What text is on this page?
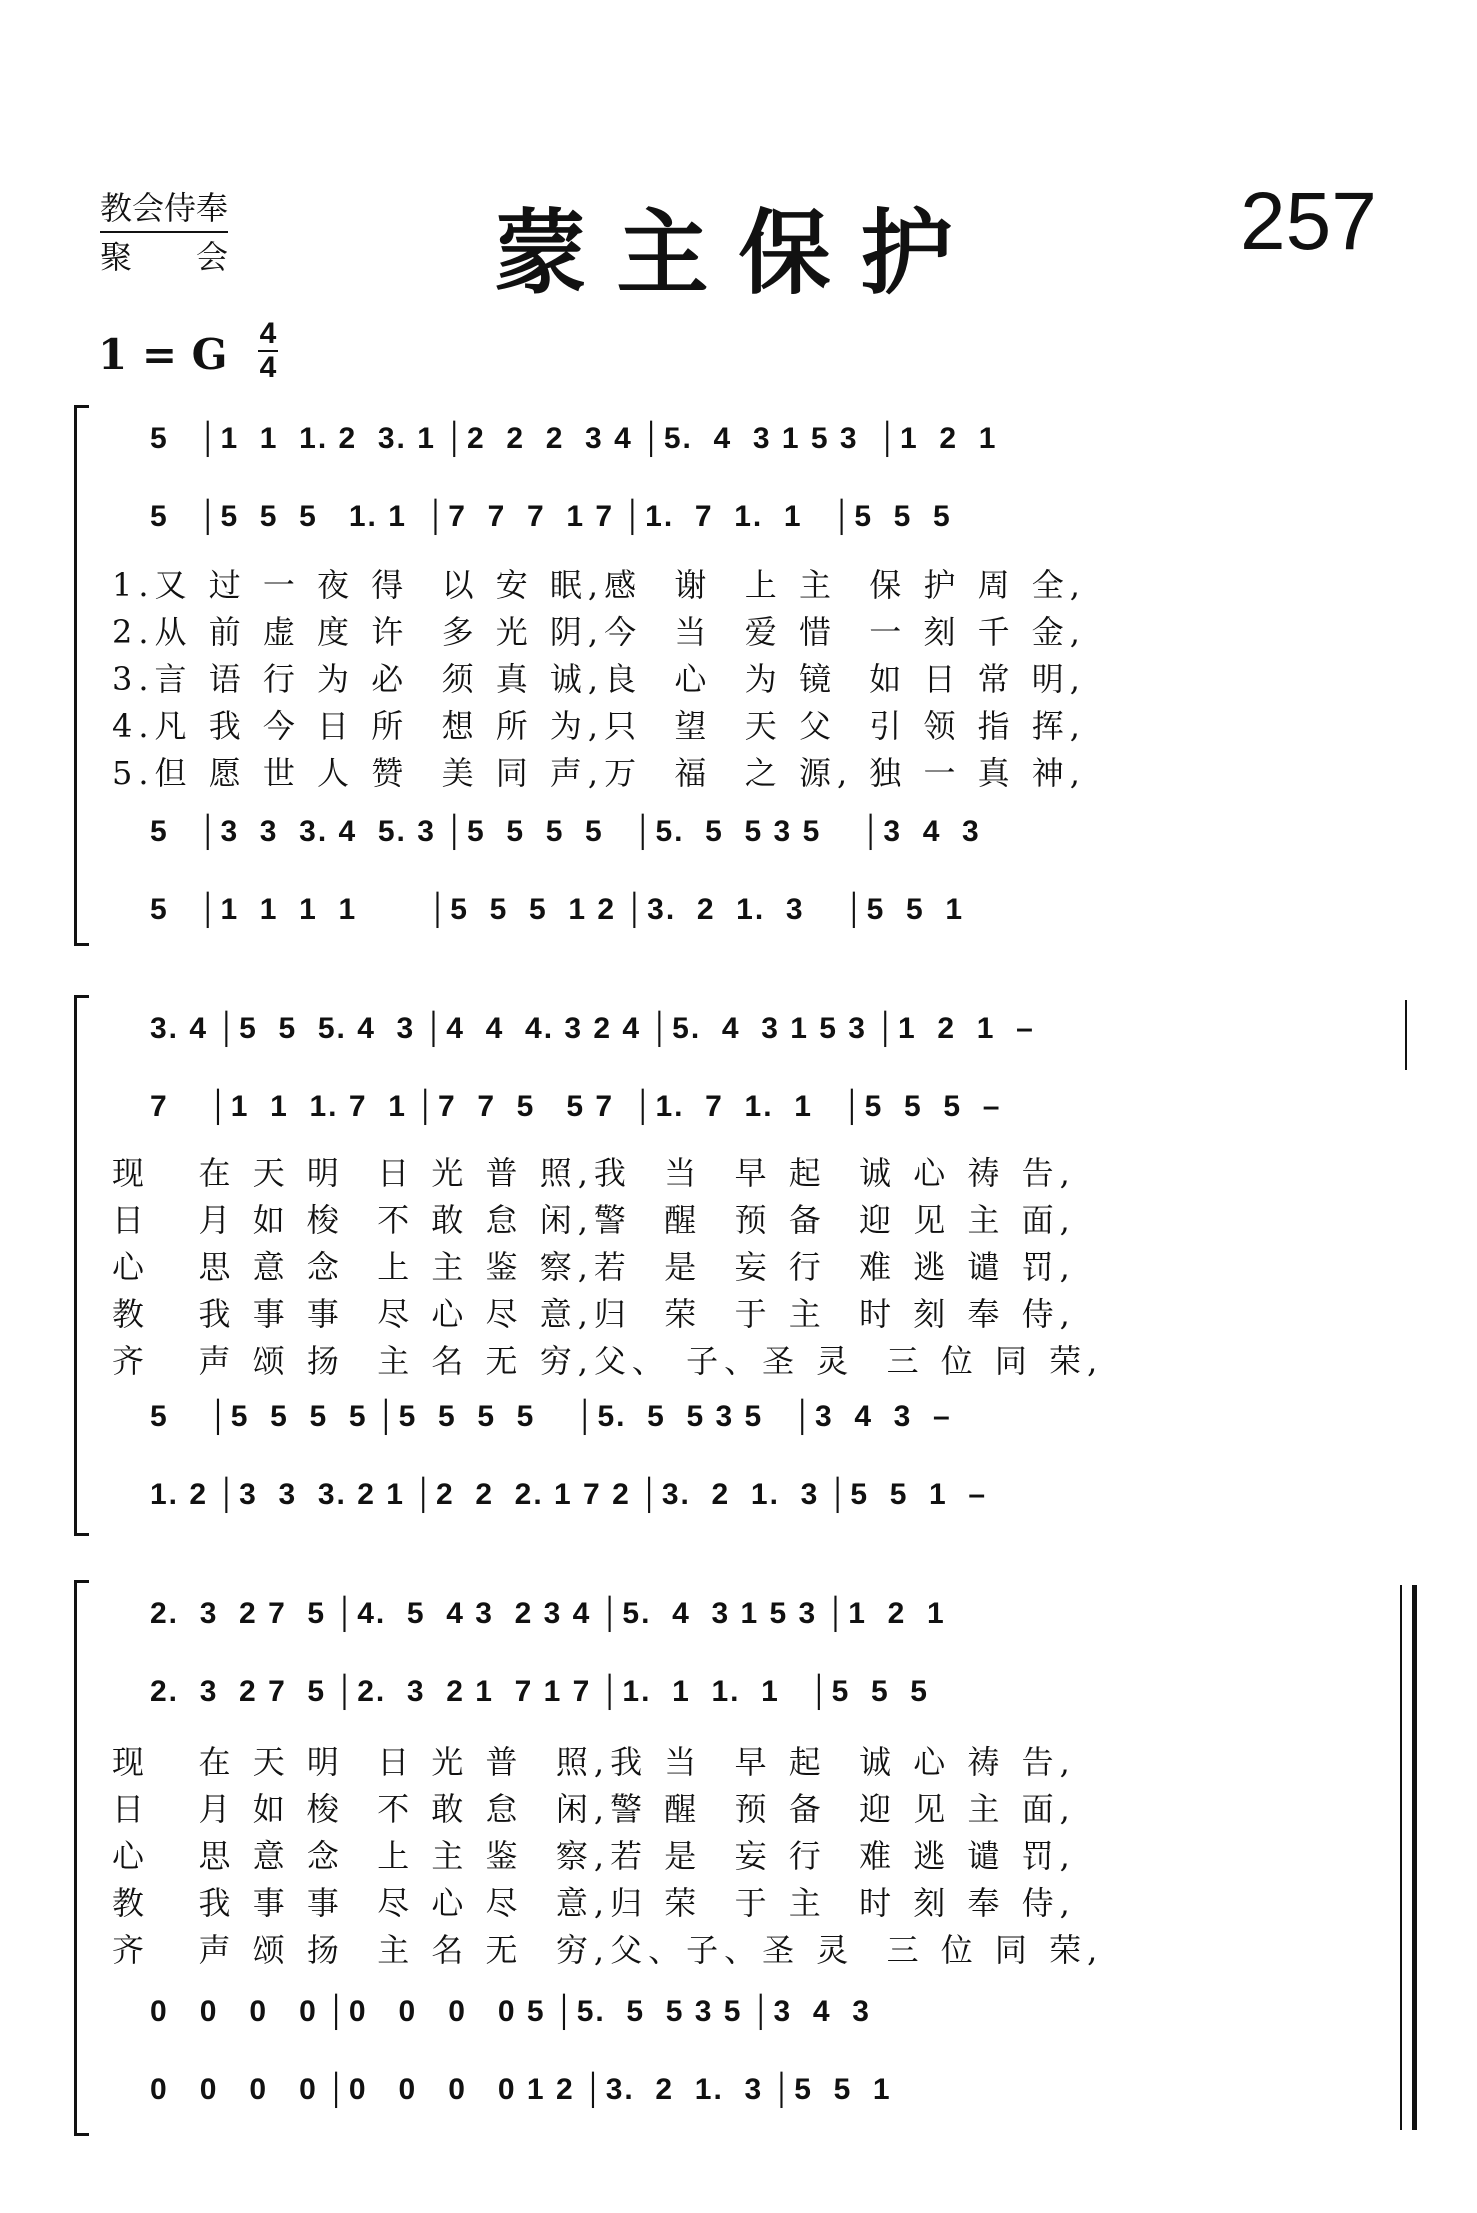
教会侍奉
聚　　会	蒙主保护	257
1 = G 4
4
5   │1  1  1. 2  3. 1 │2  2  2  3 4 │5.  4  3 1 5 3  │1  2  1
5   │5  5  5   1. 1  │7  7  7  1 7 │1.  7  1.  1   │5  5  5
1.又 过 一 夜 得  以 安 眠,感  谢  上 主  保 护 周 全,
2.从 前 虚 度 许  多 光 阴,今  当  爱 惜  一 刻 千 金,
3.言 语 行 为 必  须 真 诚,良  心  为 镜  如 日 常 明,
4.凡 我 今 日 所  想 所 为,只  望  天 父  引 领 指 挥,
5.但 愿 世 人 赞  美 同 声,万  福  之 源, 独 一 真 神,
5   │3  3  3. 4  5. 3 │5  5  5  5   │5.  5  5 3 5    │3  4  3
5   │1  1  1  1       │5  5  5  1 2 │3.  2  1.  3    │5  5  1
3. 4 │5  5  5. 4  3 │4  4  4. 3 2 4 │5.  4  3 1 5 3 │1  2  1  –
7    │1  1  1. 7  1 │7  7  5   5 7  │1.  7  1.  1   │5  5  5  –
现   在 天 明  日 光 普 照,我  当  早 起  诚 心 祷 告,
日   月 如 梭  不 敢 怠 闲,警  醒  预 备  迎 见 主 面,
心   思 意 念  上 主 鉴 察,若  是  妄 行  难 逃 谴 罚,
教   我 事 事  尽 心 尽 意,归  荣  于 主  时 刻 奉 侍,
齐   声 颂 扬  主 名 无 穷,父、 子、圣 灵  三 位 同 荣,
5    │5  5  5  5 │5  5  5  5    │5.  5  5 3 5   │3  4  3  –
1. 2 │3  3  3. 2 1 │2  2  2. 1 7 2 │3.  2  1.  3 │5  5  1  –
2.  3  2 7  5 │4.  5  4 3  2 3 4 │5.  4  3 1 5 3 │1  2  1
2.  3  2 7  5 │2.  3  2 1  7 1 7 │1.  1  1.  1   │5  5  5
现   在 天 明  日 光 普  照,我 当  早 起  诚 心 祷 告,
日   月 如 梭  不 敢 怠  闲,警 醒  预 备  迎 见 主 面,
心   思 意 念  上 主 鉴  察,若 是  妄 行  难 逃 谴 罚,
教   我 事 事  尽 心 尽  意,归 荣  于 主  时 刻 奉 侍,
齐   声 颂 扬  主 名 无  穷,父、子、圣 灵  三 位 同 荣,
0   0   0   0 │0   0   0   0 5 │5.  5  5 3 5 │3  4  3
0   0   0   0 │0   0   0   0 1 2 │3.  2  1.  3 │5  5  1
